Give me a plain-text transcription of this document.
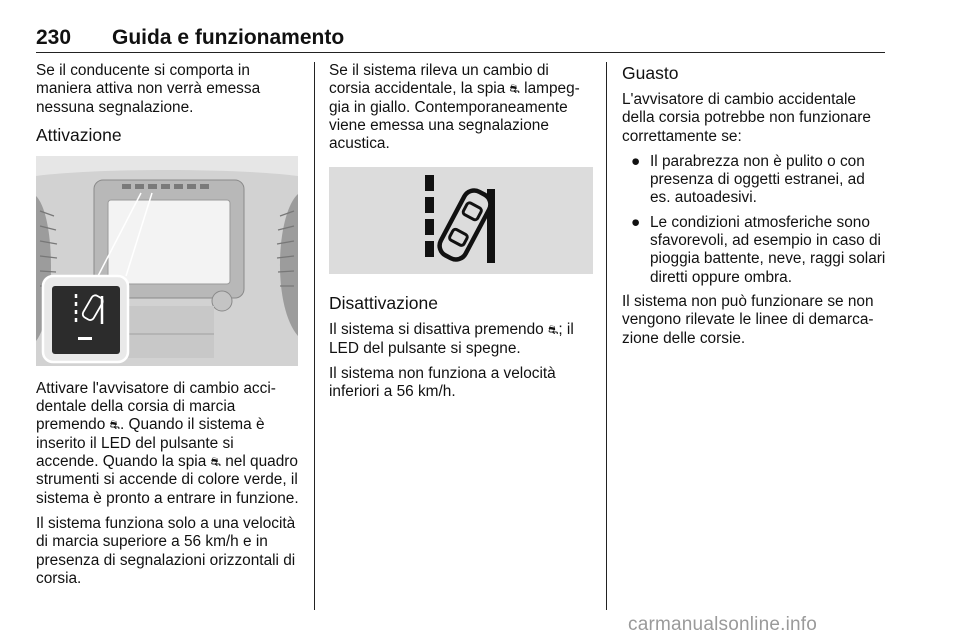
230 Guida e funzionamento

Se il conducente si comporta in maniera attiva non verrà emessa nessuna segnalazione.

Attivazione

Attivare l'avvisatore di cambio acci-dentale della corsia di marcia premendo ⛐. Quando il sistema è inserito il LED del pulsante si accende. Quando la spia ⛐ nel quadro strumenti si accende di colore verde, il sistema è pronto a entrare in funzione.

Il sistema funziona solo a una velocità di marcia superiore a 56 km/h e in presenza di segnalazioni orizzontali di corsia.

Se il sistema rileva un cambio di corsia accidentale, la spia ⛐ lampeg-gia in giallo. Contemporaneamente viene emessa una segnalazione acustica.

Disattivazione

Il sistema si disattiva premendo ⛐; il LED del pulsante si spegne.

Il sistema non funziona a velocità inferiori a 56 km/h.

Guasto

L'avvisatore di cambio accidentale della corsia potrebbe non funzionare correttamente se:

● Il parabrezza non è pulito o con presenza di oggetti estranei, ad es. autoadesivi.
● Le condizioni atmosferiche sono sfavorevoli, ad esempio in caso di pioggia battente, neve, raggi solari diretti oppure ombra.

Il sistema non può funzionare se non vengono rilevate le linee di demarca-zione delle corsie.

carmanualsonline.info
